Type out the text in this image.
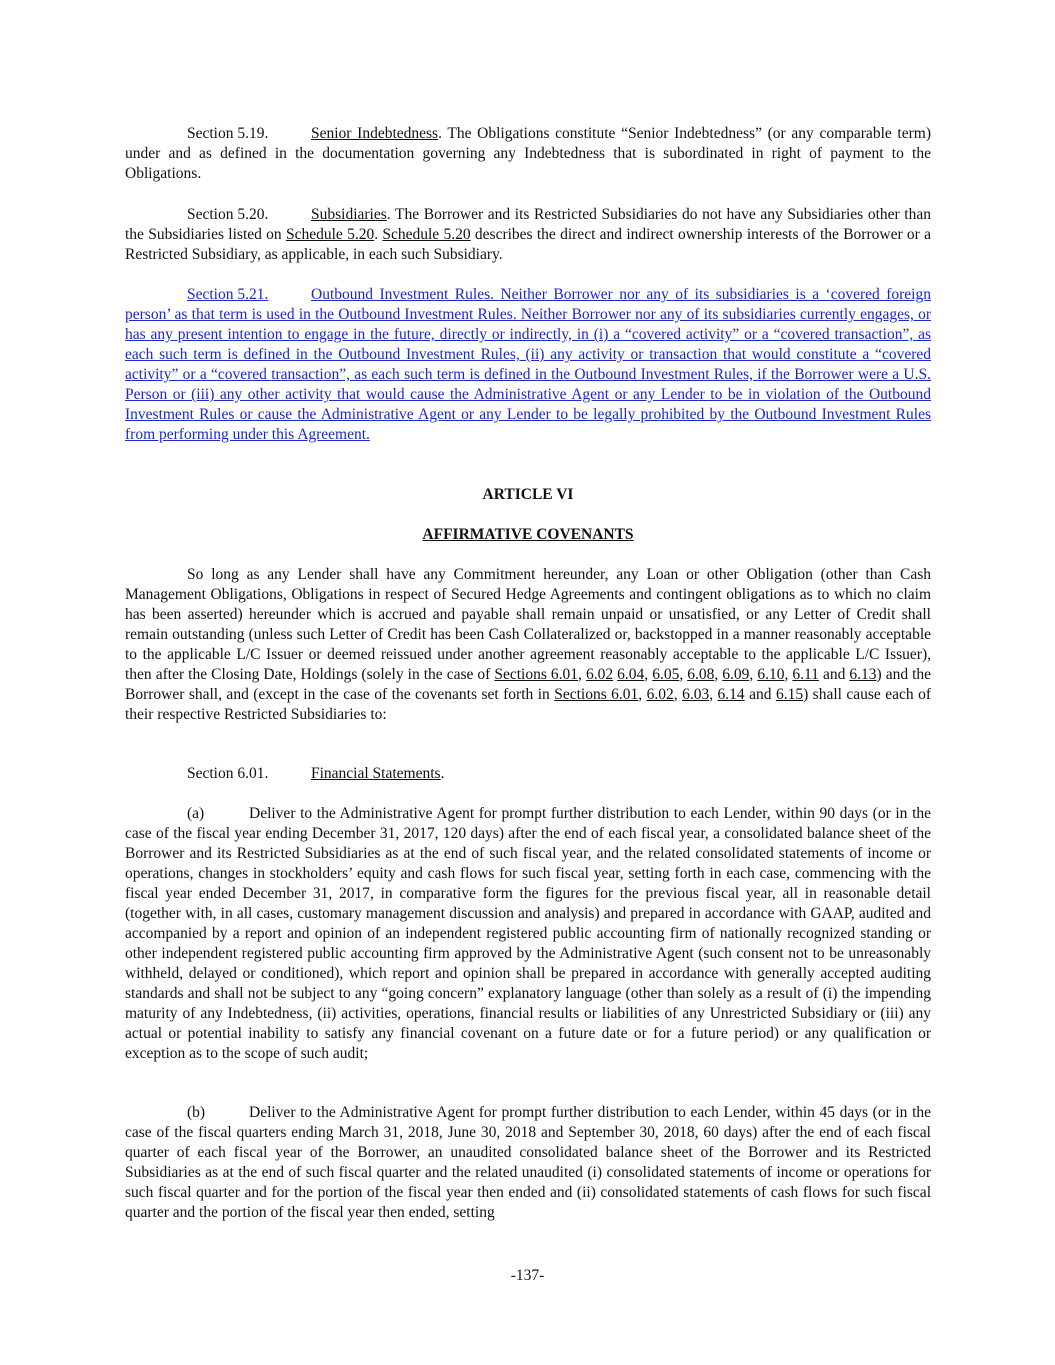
Section 5.19.	Senior Indebtedness. The Obligations constitute “Senior Indebtedness” (or any comparable term) under and as defined in the documentation governing any Indebtedness that is subordinated in right of payment to the Obligations.

Section 5.20.	Subsidiaries. The Borrower and its Restricted Subsidiaries do not have any Subsidiaries other than the Subsidiaries listed on Schedule 5.20. Schedule 5.20 describes the direct and indirect ownership interests of the Borrower or a Restricted Subsidiary, as applicable, in each such Subsidiary.

Section 5.21.	Outbound Investment Rules. Neither Borrower nor any of its subsidiaries is a ‘covered foreign person’ as that term is used in the Outbound Investment Rules. Neither Borrower nor any of its subsidiaries currently engages, or has any present intention to engage in the future, directly or indirectly, in (i) a “covered activity” or a “covered transaction”, as each such term is defined in the Outbound Investment Rules, (ii) any activity or transaction that would constitute a “covered activity” or a “covered transaction”, as each such term is defined in the Outbound Investment Rules, if the Borrower were a U.S. Person or (iii) any other activity that would cause the Administrative Agent or any Lender to be in violation of the Outbound Investment Rules or cause the Administrative Agent or any Lender to be legally prohibited by the Outbound Investment Rules from performing under this Agreement.

ARTICLE VI

AFFIRMATIVE COVENANTS

So long as any Lender shall have any Commitment hereunder, any Loan or other Obligation (other than Cash Management Obligations, Obligations in respect of Secured Hedge Agreements and contingent obligations as to which no claim has been asserted) hereunder which is accrued and payable shall remain unpaid or unsatisfied, or any Letter of Credit shall remain outstanding (unless such Letter of Credit has been Cash Collateralized or, backstopped in a manner reasonably acceptable to the applicable L/C Issuer or deemed reissued under another agreement reasonably acceptable to the applicable L/C Issuer), then after the Closing Date, Holdings (solely in the case of Sections 6.01, 6.02 6.04, 6.05, 6.08, 6.09, 6.10, 6.11 and 6.13) and the Borrower shall, and (except in the case of the covenants set forth in Sections 6.01, 6.02, 6.03, 6.14 and 6.15) shall cause each of their respective Restricted Subsidiaries to:

Section 6.01.	Financial Statements.

(a)	Deliver to the Administrative Agent for prompt further distribution to each Lender, within 90 days (or in the case of the fiscal year ending December 31, 2017, 120 days) after the end of each fiscal year, a consolidated balance sheet of the Borrower and its Restricted Subsidiaries as at the end of such fiscal year, and the related consolidated statements of income or operations, changes in stockholders’ equity and cash flows for such fiscal year, setting forth in each case, commencing with the fiscal year ended December 31, 2017, in comparative form the figures for the previous fiscal year, all in reasonable detail (together with, in all cases, customary management discussion and analysis) and prepared in accordance with GAAP, audited and accompanied by a report and opinion of an independent registered public accounting firm of nationally recognized standing or other independent registered public accounting firm approved by the Administrative Agent (such consent not to be unreasonably withheld, delayed or conditioned), which report and opinion shall be prepared in accordance with generally accepted auditing standards and shall not be subject to any “going concern” explanatory language (other than solely as a result of (i) the impending maturity of any Indebtedness, (ii) activities, operations, financial results or liabilities of any Unrestricted Subsidiary or (iii) any actual or potential inability to satisfy any financial covenant on a future date or for a future period) or any qualification or exception as to the scope of such audit;

(b)	Deliver to the Administrative Agent for prompt further distribution to each Lender, within 45 days (or in the case of the fiscal quarters ending March 31, 2018, June 30, 2018 and September 30, 2018, 60 days) after the end of each fiscal quarter of each fiscal year of the Borrower, an unaudited consolidated balance sheet of the Borrower and its Restricted Subsidiaries as at the end of such fiscal quarter and the related unaudited (i) consolidated statements of income or operations for such fiscal quarter and for the portion of the fiscal year then ended and (ii) consolidated statements of cash flows for such fiscal quarter and the portion of the fiscal year then ended, setting

-137-
